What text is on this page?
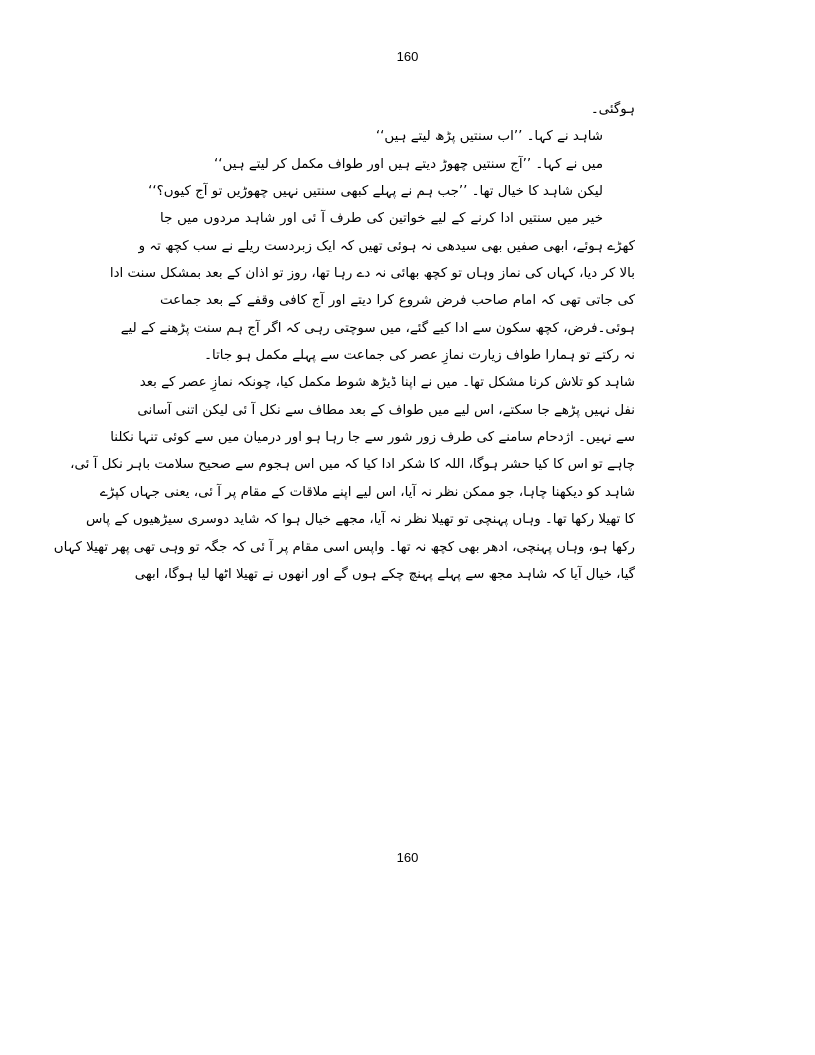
160
ہوگئی۔
شاہد نے کہا۔ ’’اب سنتیں پڑھ لیتے ہیں‘‘
میں نے کہا۔ ’’آج سنتیں چھوڑ دیتے ہیں اور طواف مکمل کر لیتے ہیں‘‘
لیکن شاہد کا خیال تھا۔ ’’جب ہم نے پہلے کبھی سنتیں نہیں چھوڑیں تو آج کیوں؟‘‘
خیر میں سنتیں ادا کرنے کے لیے خواتین کی طرف آ ئی اور شاہد مردوں میں جا
کھڑے ہوئے، ابھی صفیں بھی سیدھی نہ ہوئی تھیں کہ ایک زبردست ریلے نے سب کچھ تہ و
بالا کر دیا، کہاں کی نماز وہاں تو کچھ بھائی نہ دے رہا تھا، روز تو اذان کے بعد بمشکل سنت ادا
کی جاتی تھی کہ امام صاحب فرض شروع کرا دیتے اور آج کافی وقفے کے بعد جماعت
ہوئی۔فرض، کچھ سکون سے ادا کیے گئے، میں سوچتی رہی کہ اگر آج ہم سنت پڑھنے کے لیے
نہ رکتے تو ہمارا طواف زیارت نمازِ عصر کی جماعت سے پہلے مکمل ہو جاتا۔
شاہد کو تلاش کرنا مشکل تھا۔ میں نے اپنا ڈیڑھ شوط مکمل کیا، چونکہ نمازِ عصر کے بعد
نفل نہیں پڑھے جا سکتے، اس لیے میں طواف کے بعد مطاف سے نکل آ ئی لیکن اتنی آسانی
سے نہیں۔ اژدحام سامنے کی طرف زور شور سے جا رہا ہو اور درمیان میں سے کوئی تنہا نکلنا
چاہے تو اس کا کیا حشر ہوگا، اللہ کا شکر ادا کیا کہ میں اس ہجوم سے صحیح سلامت باہر نکل آ ئی،
شاہد کو دیکھنا چاہا، جو ممکن نظر نہ آیا، اس لیے اپنے ملاقات کے مقام پر آ ئی، یعنی جہاں کپڑے
کا تھیلا رکھا تھا۔ وہاں پہنچی تو تھیلا نظر نہ آیا، مجھے خیال ہوا کہ شاید دوسری سیڑھیوں کے پاس
رکھا ہو، وہاں پہنچی، ادھر بھی کچھ نہ تھا۔ واپس اسی مقام پر آ ئی کہ جگہ تو وہی تھی پھر تھیلا کہاں
گیا، خیال آیا کہ شاہد مجھ سے پہلے پہنچ چکے ہوں گے اور انھوں نے تھیلا اٹھا لیا ہوگا، ابھی
160
